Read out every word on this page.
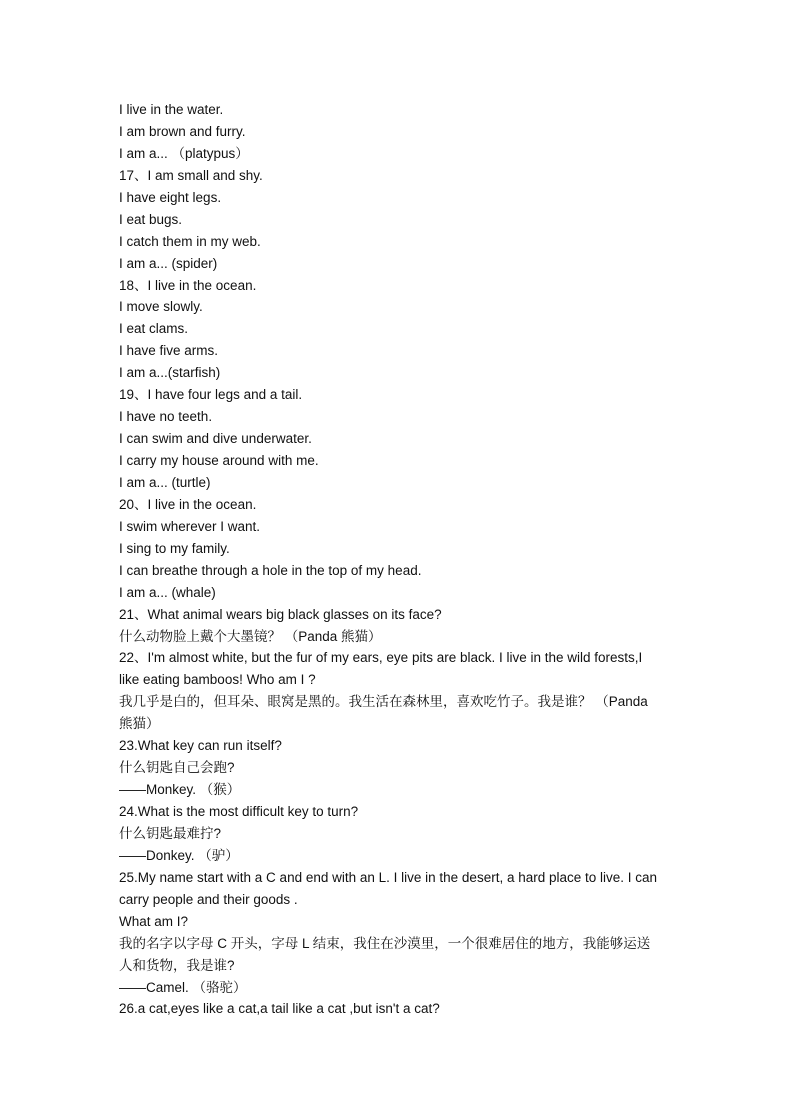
I live in the water.
I am brown and furry.
I am a... （platypus）
17、I am small and shy.
I have eight legs.
I eat bugs.
I catch them in my web.
I am a... (spider)
18、I live in the ocean.
I move slowly.
I eat clams.
I have five arms.
I am a...(starfish)
19、I have four legs and a tail.
I have no teeth.
I can swim and dive underwater.
I carry my house around with me.
I am a... (turtle)
20、I live in the ocean.
I swim wherever I want.
I sing to my family.
I can breathe through a hole in the top of my head.
I am a... (whale)
21、What animal wears big black glasses on its face?
什么动物脸上戴个大墨镜？ （Panda 熊猫）
22、I'm almost white, but the fur of my ears, eye pits are black. I live in the wild forests,I
like eating bamboos! Who am I ?
我几乎是白的，但耳朵、眼窝是黑的。我生活在森林里，喜欢吃竹子。我是谁？ （Panda
熊猫）
23.What key can run itself?
什么钥匙自己会跑?
——Monkey. （猴）
24.What is the most difficult key to turn?
什么钥匙最难拧?
——Donkey. （驴）
25.My name start with a C and end with an L. I live in the desert, a hard place to live. I can
carry people and their goods .
What am I?
我的名字以字母 C 开头，字母 L 结束，我住在沙漠里，一个很难居住的地方，我能够运送
人和货物，我是谁?
——Camel. （骆驼）
26.a cat,eyes like a cat,a tail like a cat ,but isn't a cat?
